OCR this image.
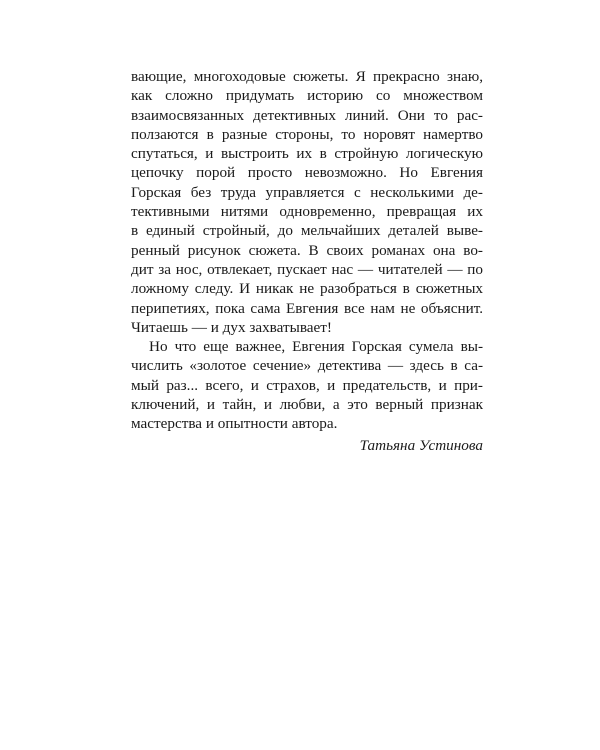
вающие, многоходовые сюжеты. Я прекрасно знаю,
как сложно придумать историю со множеством
взаимосвязанных детективных линий. Они то рас-
ползаются в разные стороны, то норовят намертво
спутаться, и выстроить их в стройную логическую
цепочку порой просто невозможно. Но Евгения
Горская без труда управляется с несколькими де-
тективными нитями одновременно, превращая их
в единый стройный, до мельчайших деталей выве-
ренный рисунок сюжета. В своих романах она во-
дит за нос, отвлекает, пускает нас — читателей — по
ложному следу. И никак не разобраться в сюжетных
перипетиях, пока сама Евгения все нам не объяснит.
Читаешь — и дух захватывает!
Но что еще важнее, Евгения Горская сумела вы-
числить «золотое сечение» детектива — здесь в са-
мый раз... всего, и страхов, и предательств, и при-
ключений, и тайн, и любви, а это верный признак
мастерства и опытности автора.
Татьяна Устинова
